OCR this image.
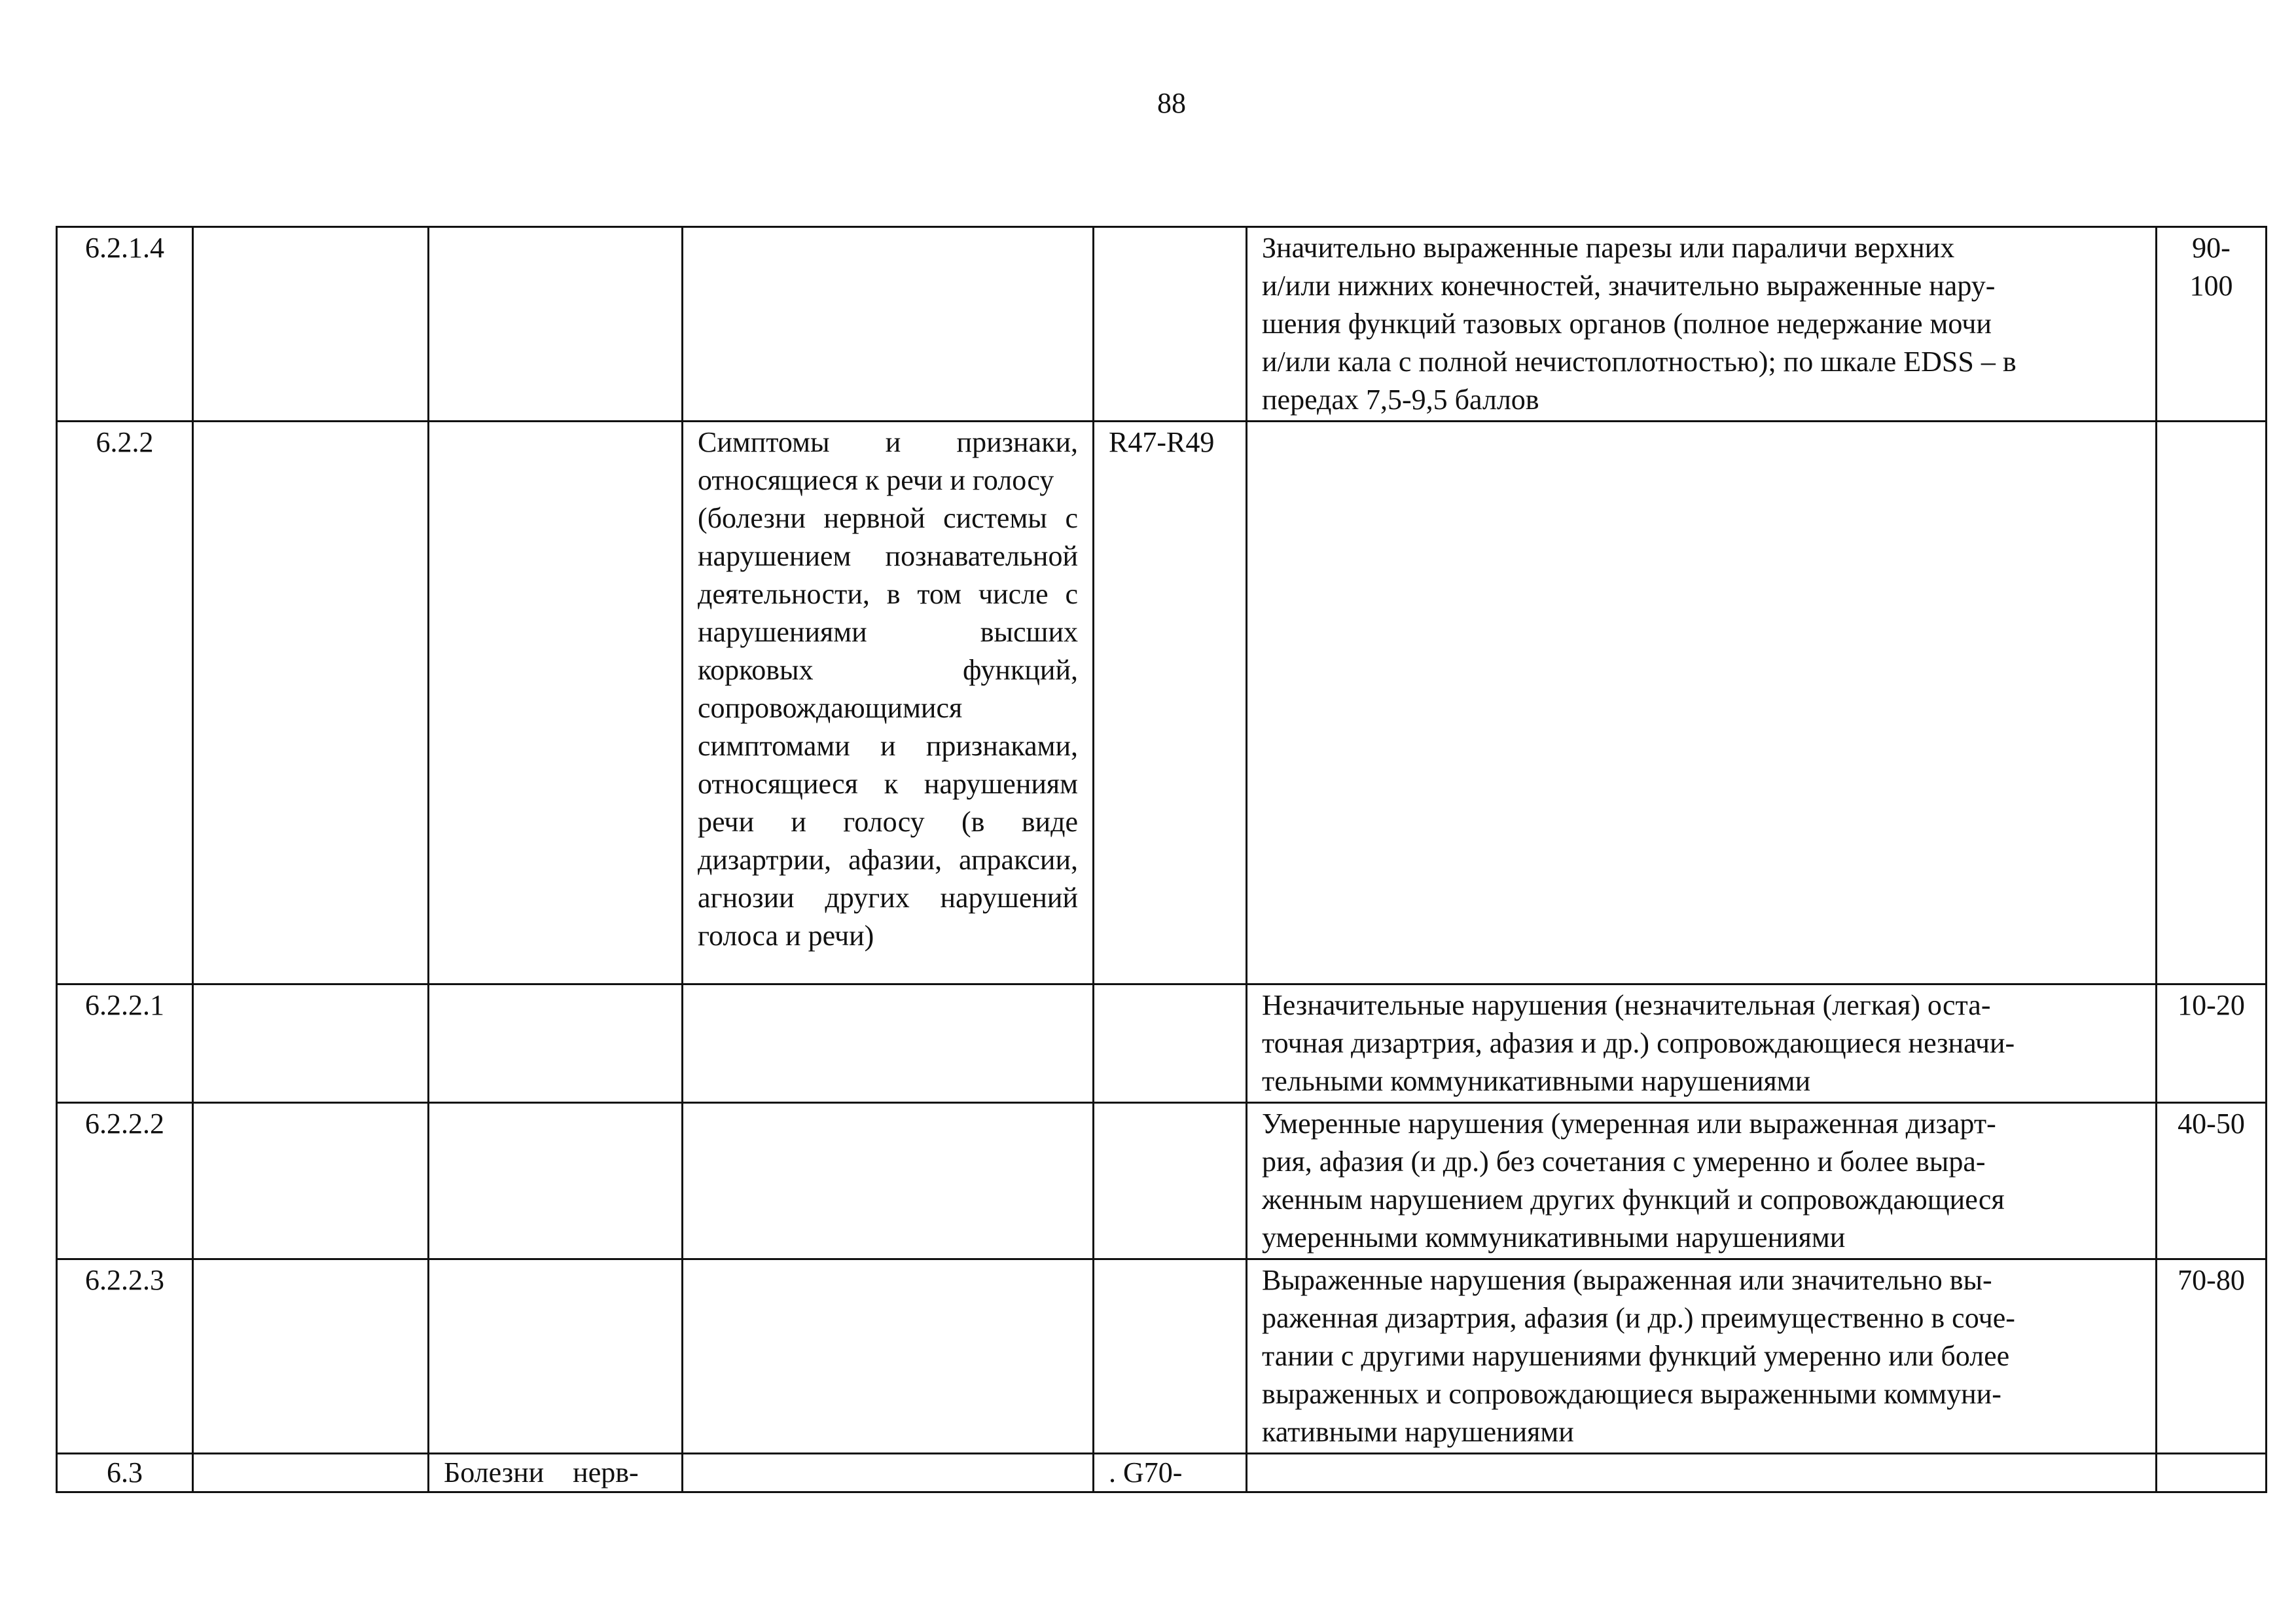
88
6.2.1.4					Значительно выраженные парезы или параличи верхних
и/или нижних конечностей, значительно выраженные нару-
шения функций тазовых органов (полное недержание мочи
и/или кала с полной нечистоплотностью); по шкале EDSS – в
передах 7,5-9,5 баллов	90-
100
6.2.2			Симптомы и признаки, относящиеся к речи и голосу
(болезни нервной системы с нарушением познавательной деятельности, в том числе с нарушениями высших корковых функций, сопровождающимися симптомами и признаками, относящиеся к нарушениям речи и голосу (в виде дизартрии, афазии, апраксии, агнозии других нарушений голоса и речи)	R47-R49		
6.2.2.1					Незначительные нарушения (незначительная (легкая) оста-
точная дизартрия, афазия и др.) сопровождающиеся незначи-
тельными коммуникативными нарушениями	10-20
6.2.2.2					Умеренные нарушения (умеренная или выраженная дизарт-
рия, афазия (и др.) без сочетания с умеренно и более выра-
женным нарушением других функций и сопровождающиеся
умеренными коммуникативными нарушениями	40-50
6.2.2.3					Выраженные нарушения (выраженная или значительно вы-
раженная дизартрия, афазия (и др.) преимущественно в соче-
тании с другими нарушениями функций умеренно или более
выраженных и сопровождающиеся выраженными коммуни-
кативными нарушениями	70-80
6.3		Болезни    нерв-		. G70-		
